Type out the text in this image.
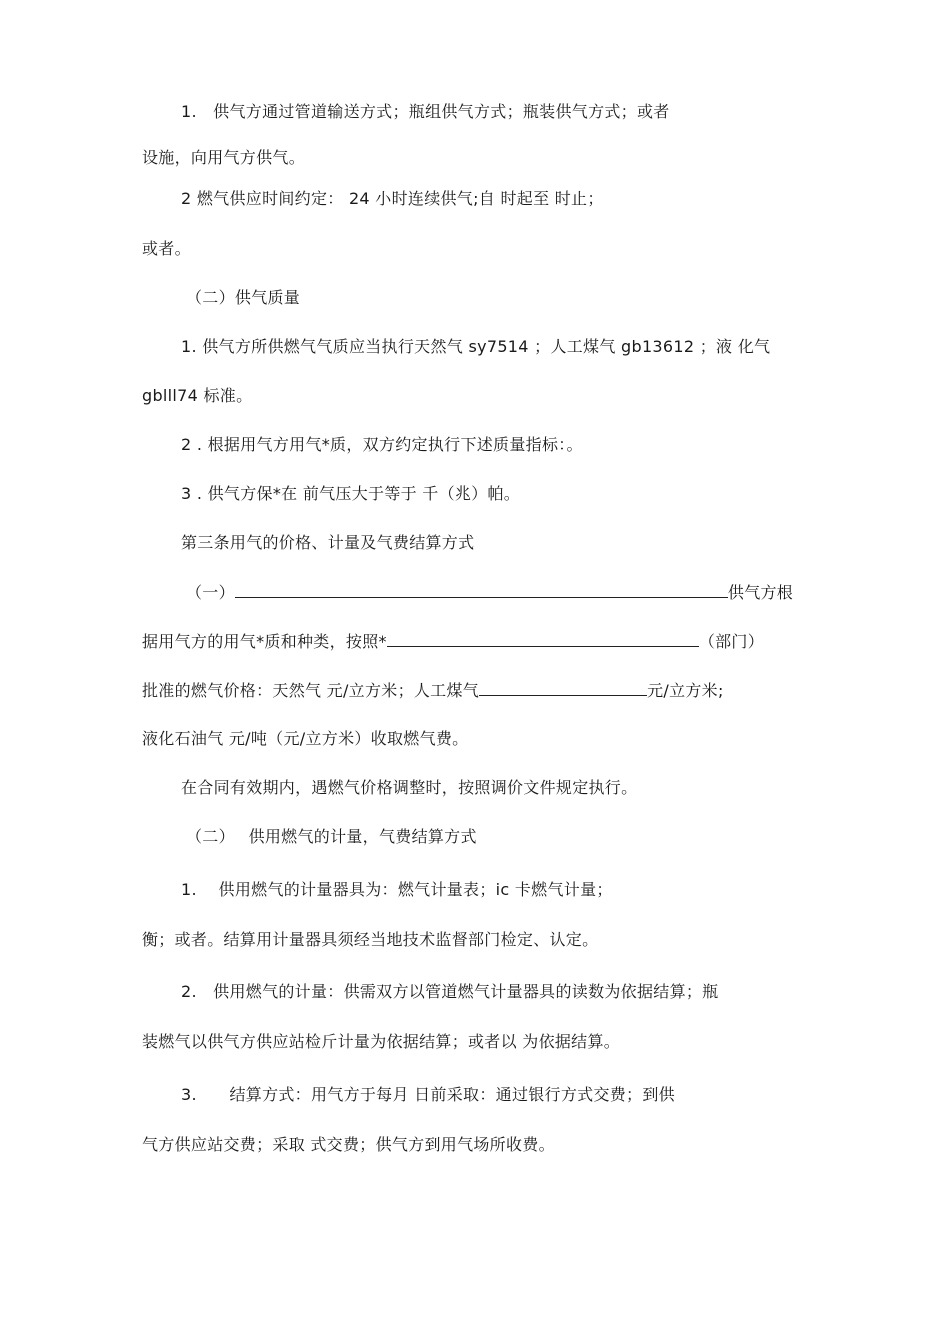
1.　供气方通过管道输送方式；瓶组供气方式；瓶装供气方式；或者
设施，向用气方供气。
2 燃气供应时间约定： 24 小时连续供气;自 时起至 时止；
或者。
（二）供气质量
1. 供气方所供燃气气质应当执行天然气 sy7514 ；人工煤气 gb13612 ；液 化气
gblll74 标准。
2 . 根据用气方用气*质，双方约定执行下述质量指标：。
3 . 供气方保*在 前气压大于等于 千（兆）帕。
第三条用气的价格、计量及气费结算方式
（一）	供气方根
据用气方的用气*质和种类，按照*	（部门）
批准的燃气价格：天然气 元/立方米；人工煤气	元/立方米;
液化石油气 元/吨（元/立方米）收取燃气费。
在合同有效期内，遇燃气价格调整时，按照调价文件规定执行。
（二）　 供用燃气的计量，气费结算方式
1.　 供用燃气的计量器具为：燃气计量表；ic 卡燃气计量；
衡；或者。结算用计量器具须经当地技术监督部门检定、认定。
2.　供用燃气的计量：供需双方以管道燃气计量器具的读数为依据结算；瓶
装燃气以供气方供应站检斤计量为依据结算；或者以 为依据结算。
3.　　结算方式：用气方于每月 日前采取：通过银行方式交费；到供
气方供应站交费；采取 式交费；供气方到用气场所收费。
